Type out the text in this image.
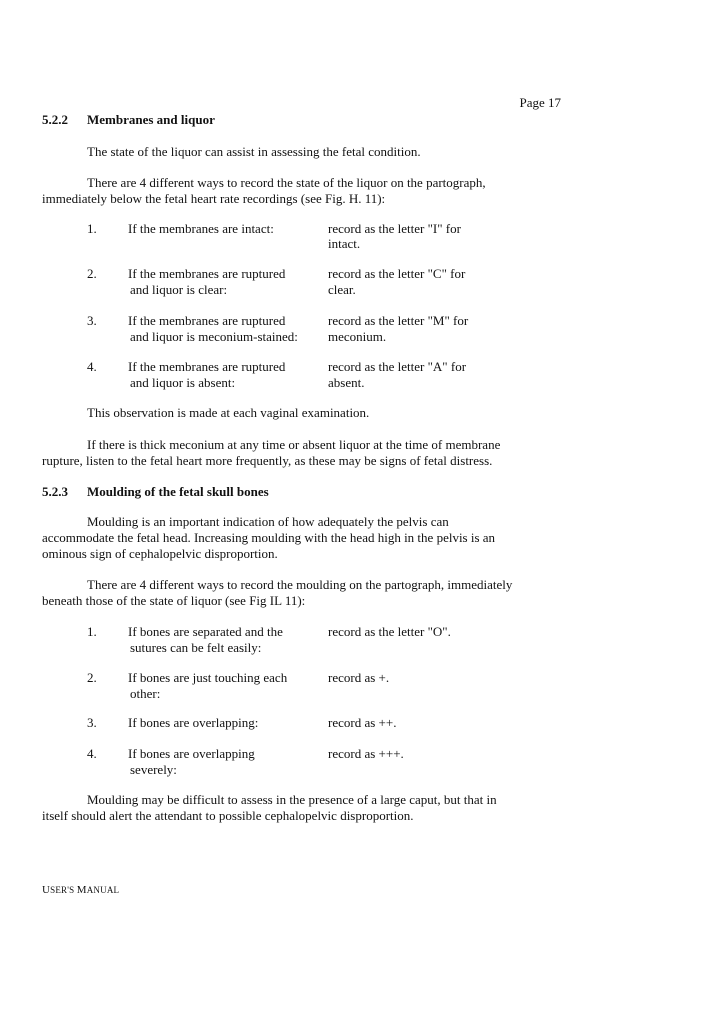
Page 17
5.2.2 Membranes and liquor
The state of the liquor can assist in assessing the fetal condition.
There are 4 different ways to record the state of the liquor on the partograph,
immediately below the fetal heart rate recordings (see Fig. H. 11):
1. If the membranes are intact:	record as the letter "I" for
intact.
2. If the membranes are ruptured
and liquor is clear:
record as the letter "C" for
clear.
3. If the membranes are ruptured
and liquor is meconium-stained:
record as the letter "M" for
meconium.
4. If the membranes are ruptured
and liquor is absent:
record as the letter "A" for
absent.
This observation is made at each vaginal examination.
If there is thick meconium at any time or absent liquor at the time of membrane
rupture, listen to the fetal heart more frequently, as these may be signs of fetal distress.
5.2.3 Moulding of the fetal skull bones
Moulding is an important indication of how adequately the pelvis can
accommodate the fetal head. Increasing moulding with the head high in the pelvis is an
ominous sign of cephalopelvic disproportion.
There are 4 different ways to record the moulding on the partograph, immediately
beneath those of the state of liquor (see Fig IL 11):
1. If bones are separated and the
sutures can be felt easily:
record as the letter "O".
2. If bones are just touching each
other:
record as +.
3. If bones are overlapping:	record as ++.
4. If bones are overlapping
severely:
record as +++.
Moulding may be difficult to assess in the presence of a large caput, but that in
itself should alert the attendant to possible cephalopelvic disproportion.
USER'S MANUAL
